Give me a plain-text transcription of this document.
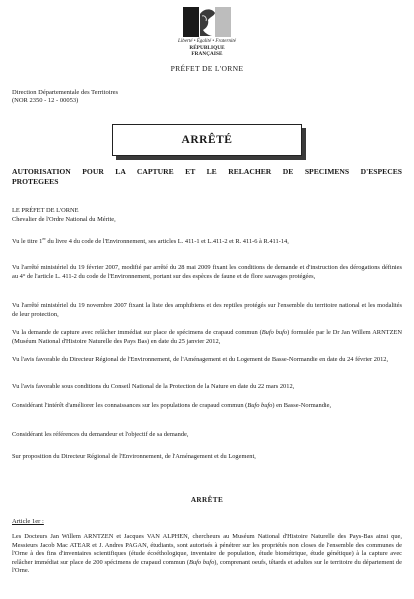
Liberté • Égalité • Fraternité
RÉPUBLIQUE FRANÇAISE
PRÉFET DE L'ORNE
Direction Départementale des Territoires
(NOR 2350 - 12 - 00053)
ARRÊTÉ
AUTORISATION POUR LA CAPTURE ET LE RELACHER DE SPECIMENS D'ESPECES
PROTEGEES
LE PRÉFET DE L'ORNE
Chevalier de l'Ordre National du Mérite,
Vu le titre 1er du livre 4 du code de l'Environnement, ses articles L. 411-1 et L.411-2 et R. 411-6 à R.411-14,
Vu l'arrêté ministériel du 19 février 2007, modifié par arrêté du 28 mai 2009 fixant les conditions de demande et d'instruction des dérogations définies au 4° de l'article L. 411-2 du code de l'Environnement, portant sur des espèces de faune et de flore sauvages protégées,
Vu l'arrêté ministériel du 19 novembre 2007 fixant la liste des amphibiens et des reptiles protégés sur l'ensemble du territoire national et les modalités de leur protection,
Vu la demande de capture avec relâcher immédiat sur place de spécimens de crapaud commun (Bufo bufo) formulée par le Dr Jan Willem ARNTZEN (Muséum National d'Histoire Naturelle des Pays Bas) en date du 25 janvier 2012,
Vu l'avis favorable du Directeur Régional de l'Environnement, de l'Aménagement et du Logement de Basse-Normandie en date du 24 février 2012,
Vu l'avis favorable sous conditions du Conseil National de la Protection de la Nature en date du 22 mars 2012,
Considérant l'intérêt d'améliorer les connaissances sur les populations de crapaud commun (Bufo bufo) en Basse-Normandie,
Considérant les références du demandeur et l'objectif de sa demande,
Sur proposition du Directeur Régional de l'Environnement, de l'Aménagement et du Logement,
ARRÊTE
Article 1er :
Les Docteurs Jan Willem ARNTZEN et Jacques VAN ALPHEN, chercheurs au Muséum National d'Histoire Naturelle des Pays-Bas ainsi que, Messieurs Jacob Mac ATEAR et J. Andres PAGAN, étudiants, sont autorisés à pénétrer sur les propriétés non closes de l'ensemble des communes de l'Orne à des fins d'inventaires scientifiques (étude écoéthologique, inventaire de population, étude biométrique, étude génétique) à la capture avec relâcher immédiat sur place de 200 spécimens de crapaud commun (Bufo bufo), comprenant oeufs, têtards et adultes sur le territoire du département de l'Orne.
